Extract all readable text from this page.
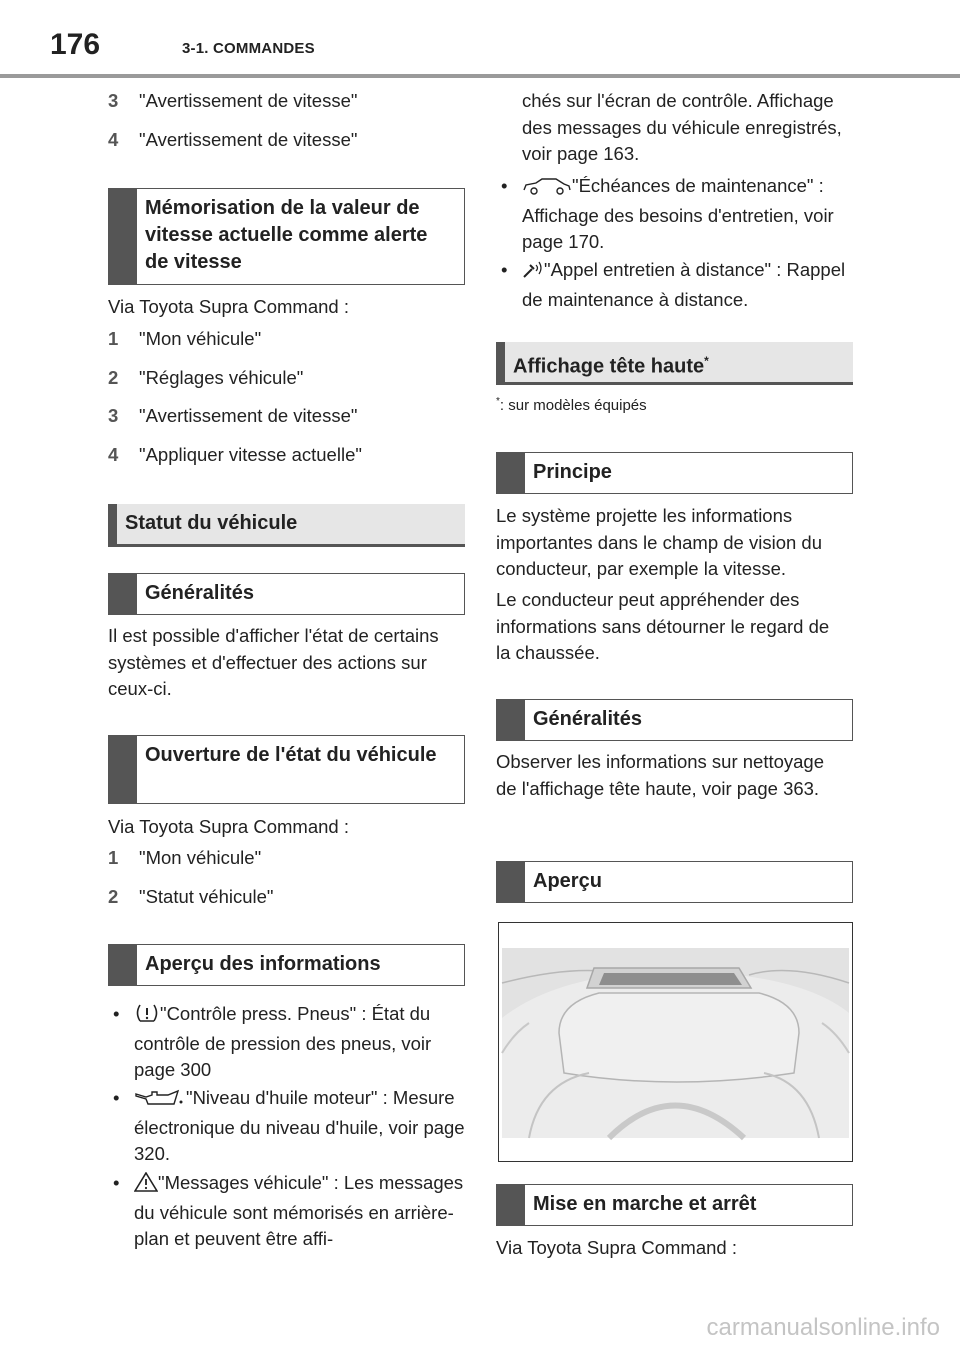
176	3-1. COMMANDES
3 "Avertissement de vitesse"
4 "Avertissement de vitesse"
Mémorisation de la valeur de vitesse actuelle comme alerte de vitesse
Via Toyota Supra Command :
1 "Mon véhicule"
2 "Réglages véhicule"
3 "Avertissement de vitesse"
4 "Appliquer vitesse actuelle"
Statut du véhicule
Généralités
Il est possible d'afficher l'état de certains systèmes et d'effectuer des actions sur ceux-ci.
Ouverture de l'état du véhicule
Via Toyota Supra Command :
1 "Mon véhicule"
2 "Statut véhicule"
Aperçu des informations
•	"Contrôle press. Pneus" : État du contrôle de pression des pneus, voir page 300
•	"Niveau d'huile moteur" : Mesure électronique du niveau d'huile, voir page 320.
•	"Messages véhicule" : Les messages du véhicule sont mémorisés en arrière-plan et peuvent être affi-
chés sur l'écran de contrôle. Affichage des messages du véhicule enregistrés, voir page 163.
•	"Échéances de maintenance" : Affichage des besoins d'entretien, voir page 170.
•	"Appel entretien à distance" : Rappel de maintenance à distance.
Affichage tête haute*
*: sur modèles équipés
Principe
Le système projette les informations importantes dans le champ de vision du conducteur, par exemple la vitesse.
Le conducteur peut appréhender des informations sans détourner le regard de la chaussée.
Généralités
Observer les informations sur nettoyage de l'affichage tête haute, voir page 363.
Aperçu
Mise en marche et arrêt
Via Toyota Supra Command :
carmanualsonline.info
